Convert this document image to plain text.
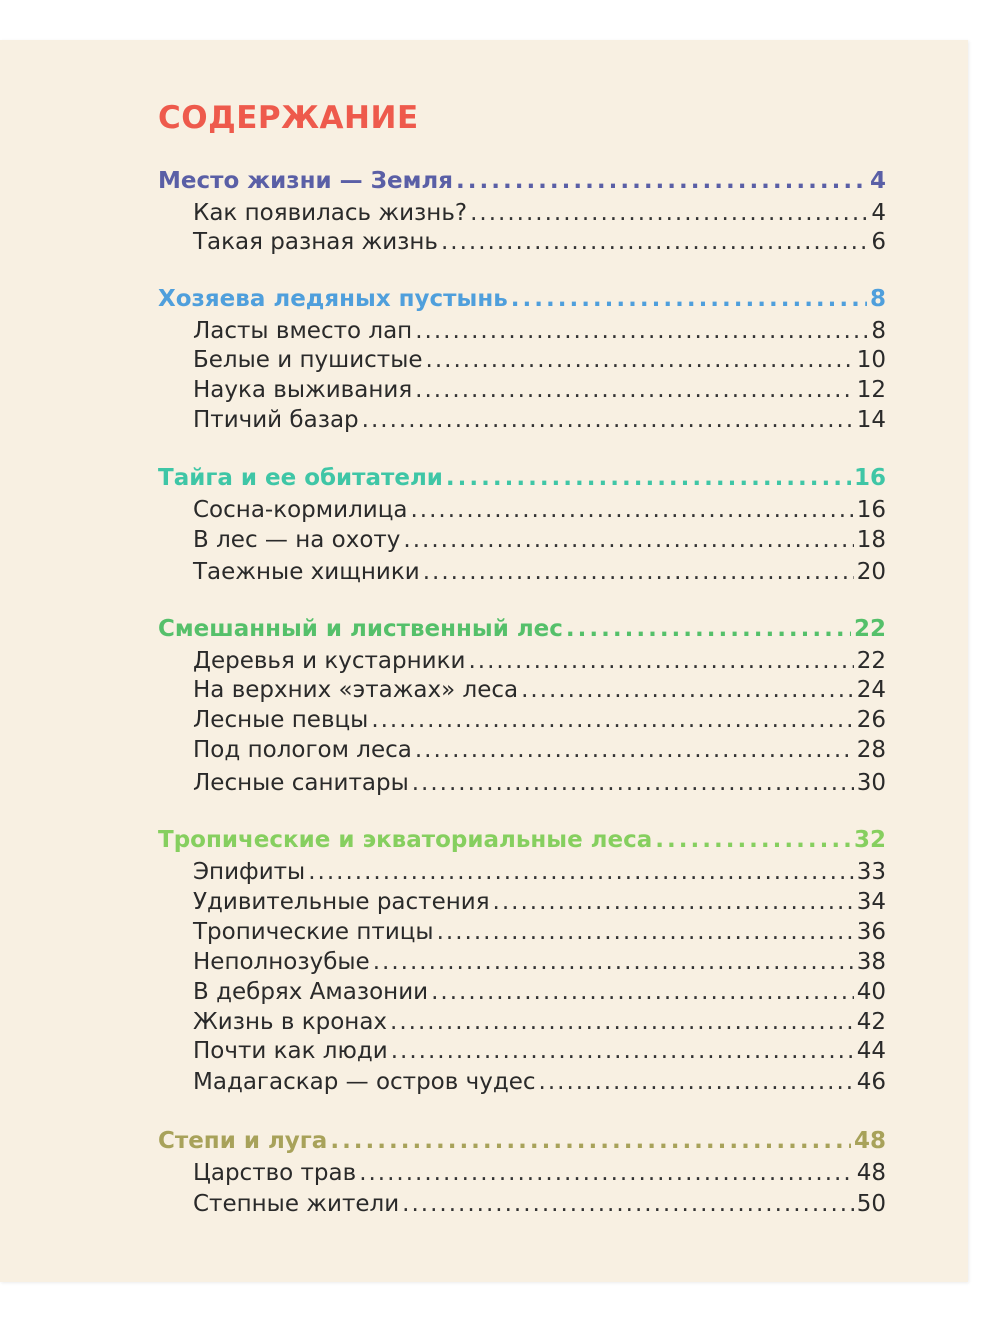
СОДЕРЖАНИЕ
Место жизни — Земля .....	4
Как появилась жизнь? .....	4
Такая разная жизнь .....	6
Хозяева ледяных пустынь .....	8
Ласты вместо лап .....	8
Белые и пушистые .....	10
Наука выживания .....	12
Птичий базар .....	14
Тайга и ее обитатели .....	16
Сосна-кормилица .....	16
В лес — на охоту .....	18
Таежные хищники .....	20
Смешанный и лиственный лес .....	22
Деревья и кустарники .....	22
На верхних «этажах» леса .....	24
Лесные певцы .....	26
Под пологом леса .....	28
Лесные санитары .....	30
Тропические и экваториальные леса .....	32
Эпифиты .....	33
Удивительные растения .....	34
Тропические птицы .....	36
Неполнозубые .....	38
В дебрях Амазонии .....	40
Жизнь в кронах .....	42
Почти как люди .....	44
Мадагаскар — остров чудес .....	46
Степи и луга .....	48
Царство трав .....	48
Степные жители .....	50
